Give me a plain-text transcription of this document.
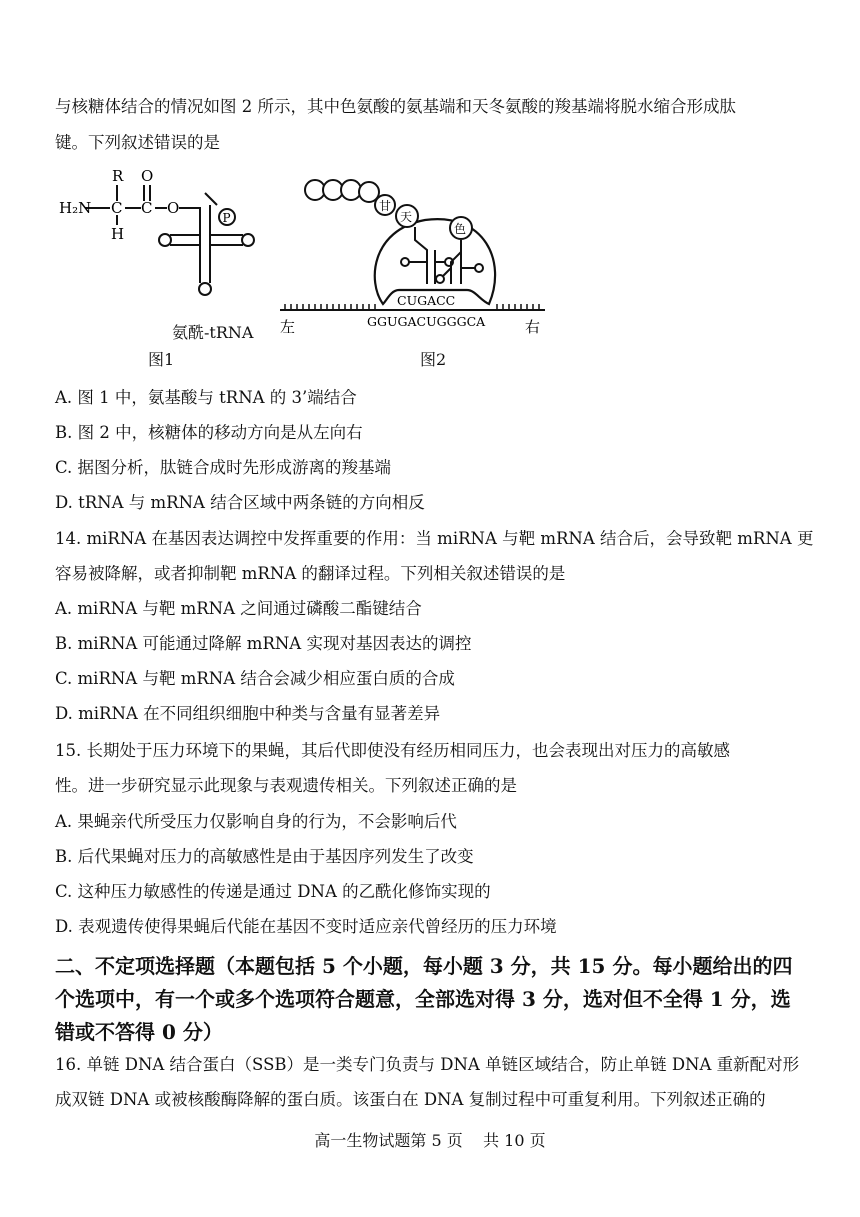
与核糖体结合的情况如图 2 所示，其中色氨酸的氨基端和天冬氨酸的羧基端将脱水缩合形成肽
键。下列叙述错误的是
R O
H₂N C C O
H
P
氨酰-tRNA
图1
甘
天
色
CUGACC
GGUGACUGGGCA
左	右
图2
A. 图 1 中，氨基酸与 tRNA 的 3’端结合
B. 图 2 中，核糖体的移动方向是从左向右
C. 据图分析，肽链合成时先形成游离的羧基端
D. tRNA 与 mRNA 结合区域中两条链的方向相反
14. miRNA 在基因表达调控中发挥重要的作用：当 miRNA 与靶 mRNA 结合后，会导致靶 mRNA 更
容易被降解，或者抑制靶 mRNA 的翻译过程。下列相关叙述错误的是
A. miRNA 与靶 mRNA 之间通过磷酸二酯键结合
B. miRNA 可能通过降解 mRNA 实现对基因表达的调控
C. miRNA 与靶 mRNA 结合会减少相应蛋白质的合成
D. miRNA 在不同组织细胞中种类与含量有显著差异
15. 长期处于压力环境下的果蝇，其后代即使没有经历相同压力，也会表现出对压力的高敏感
性。进一步研究显示此现象与表观遗传相关。下列叙述正确的是
A. 果蝇亲代所受压力仅影响自身的行为，不会影响后代
B. 后代果蝇对压力的高敏感性是由于基因序列发生了改变
C. 这种压力敏感性的传递是通过 DNA 的乙酰化修饰实现的
D. 表观遗传使得果蝇后代能在基因不变时适应亲代曾经历的压力环境
二、不定项选择题（本题包括 5 个小题，每小题 3 分，共 15 分。每小题给出的四
个选项中，有一个或多个选项符合题意，全部选对得 3 分，选对但不全得 1 分，选
错或不答得 0 分）
16. 单链 DNA 结合蛋白（SSB）是一类专门负责与 DNA 单链区域结合，防止单链 DNA 重新配对形
成双链 DNA 或被核酸酶降解的蛋白质。该蛋白在 DNA 复制过程中可重复利用。下列叙述正确的
高一生物试题第 5 页    共 10 页
